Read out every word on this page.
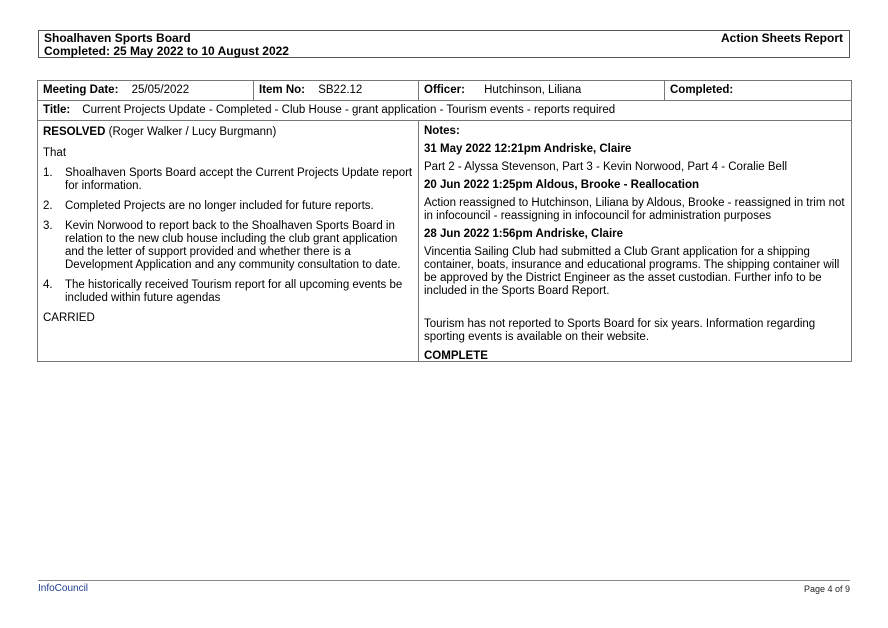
Shoalhaven Sports Board
Completed: 25 May 2022 to 10 August 2022
Action Sheets Report
Meeting Date: 25/05/2022	Item No: SB22.12	Officer: Hutchinson, Liliana	Completed:
Title: Current Projects Update - Completed - Club House - grant application - Tourism events - reports required

RESOLVED (Roger Walker / Lucy Burgmann)

That

1. Shoalhaven Sports Board accept the Current Projects Update report for information.
2. Completed Projects are no longer included for future reports.
3. Kevin Norwood to report back to the Shoalhaven Sports Board in relation to the new club house including the club grant application and the letter of support provided and whether there is a Development Application and any community consultation to date.
4. The historically received Tourism report for all upcoming events be included within future agendas

CARRIED

Notes:
31 May 2022 12:21pm Andriske, Claire
Part 2 - Alyssa Stevenson, Part 3 - Kevin Norwood, Part 4 - Coralie Bell
20 Jun 2022 1:25pm Aldous, Brooke - Reallocation
Action reassigned to Hutchinson, Liliana by Aldous, Brooke - reassigned in trim not in infocouncil - reassigning in infocouncil for administration purposes
28 Jun 2022 1:56pm Andriske, Claire
Vincentia Sailing Club had submitted a Club Grant application for a shipping container, boats, insurance and educational programs. The shipping container will be approved by the District Engineer as the asset custodian. Further info to be included in the Sports Board Report.
Tourism has not reported to Sports Board for six years. Information regarding sporting events is available on their website.
COMPLETE
InfoCouncil	Page 4 of 9
